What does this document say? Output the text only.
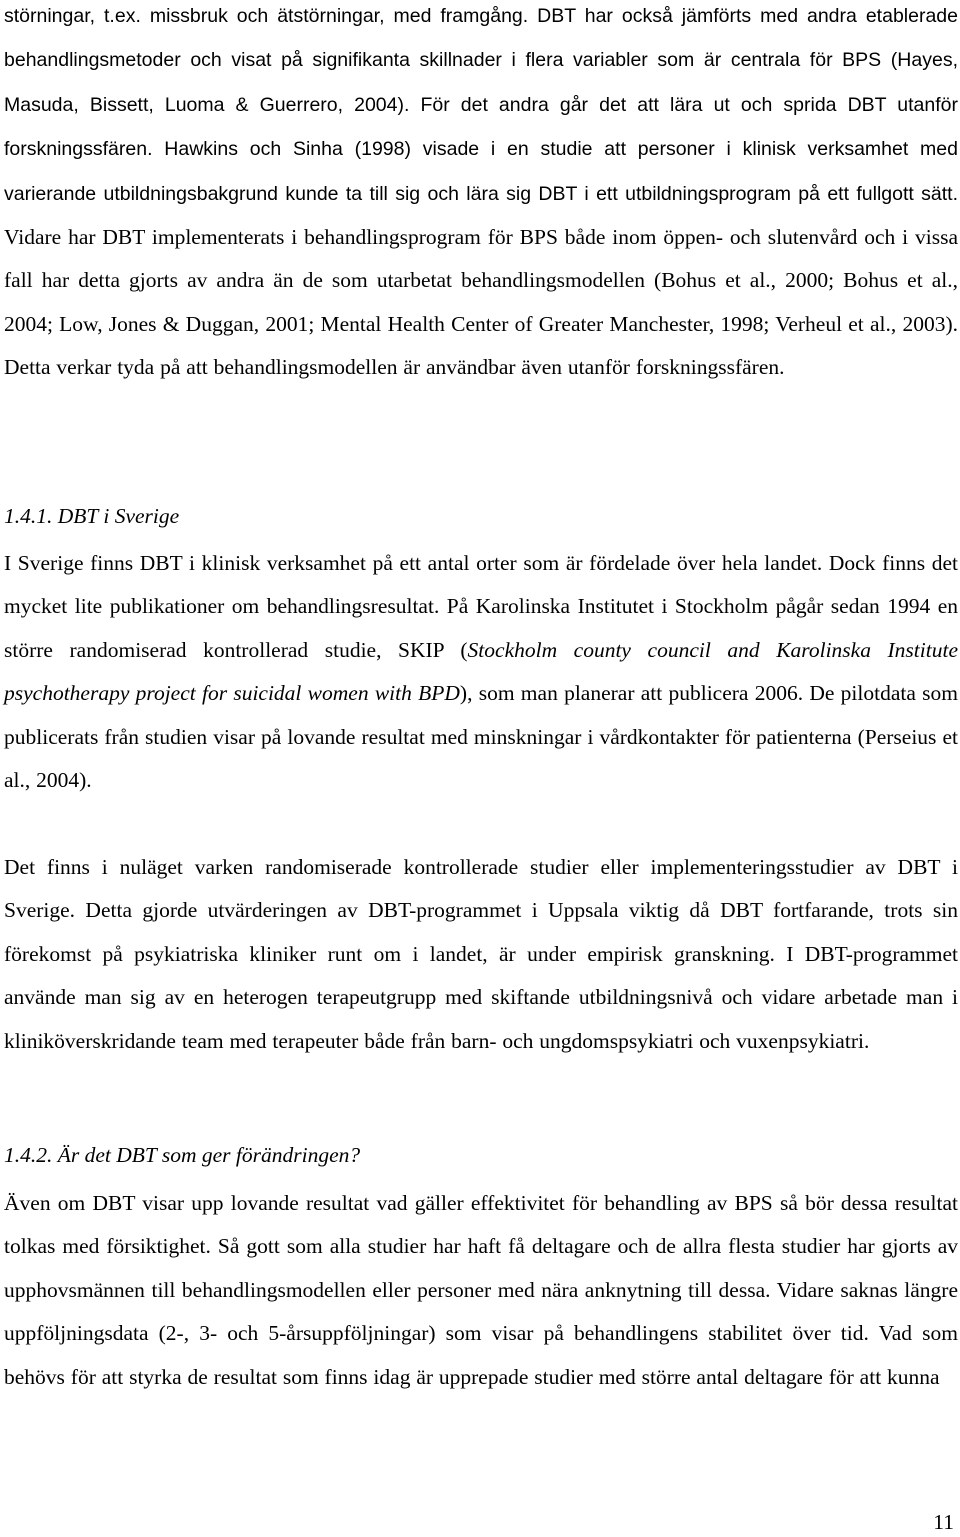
störningar, t.ex. missbruk och ätstörningar, med framgång. DBT har också jämförts med andra etablerade behandlingsmetoder och visat på signifikanta skillnader i flera variabler som är centrala för BPS (Hayes, Masuda, Bissett, Luoma & Guerrero, 2004). För det andra går det att lära ut och sprida DBT utanför forskningssfären. Hawkins och Sinha (1998) visade i en studie att personer i klinisk verksamhet med varierande utbildningsbakgrund kunde ta till sig och lära sig DBT i ett utbildningsprogram på ett fullgott sätt. Vidare har DBT implementerats i behandlingsprogram för BPS både inom öppen- och slutenvård och i vissa fall har detta gjorts av andra än de som utarbetat behandlingsmodellen (Bohus et al., 2000; Bohus et al., 2004; Low, Jones & Duggan, 2001; Mental Health Center of Greater Manchester, 1998; Verheul et al., 2003). Detta verkar tyda på att behandlingsmodellen är användbar även utanför forskningssfären.
1.4.1. DBT i Sverige
I Sverige finns DBT i klinisk verksamhet på ett antal orter som är fördelade över hela landet. Dock finns det mycket lite publikationer om behandlingsresultat. På Karolinska Institutet i Stockholm pågår sedan 1994 en större randomiserad kontrollerad studie, SKIP (Stockholm county council and Karolinska Institute psychotherapy project for suicidal women with BPD), som man planerar att publicera 2006. De pilotdata som publicerats från studien visar på lovande resultat med minskningar i vårdkontakter för patienterna (Perseius et al., 2004).
Det finns i nuläget varken randomiserade kontrollerade studier eller implementeringsstudier av DBT i Sverige. Detta gjorde utvärderingen av DBT-programmet i Uppsala viktig då DBT fortfarande, trots sin förekomst på psykiatriska kliniker runt om i landet, är under empirisk granskning. I DBT-programmet använde man sig av en heterogen terapeutgrupp med skiftande utbildningsnivå och vidare arbetade man i kliniköverskridande team med terapeuter både från barn- och ungdomspsykiatri och vuxenpsykiatri.
1.4.2. Är det DBT som ger förändringen?
Även om DBT visar upp lovande resultat vad gäller effektivitet för behandling av BPS så bör dessa resultat tolkas med försiktighet. Så gott som alla studier har haft få deltagare och de allra flesta studier har gjorts av upphovsmännen till behandlingsmodellen eller personer med nära anknytning till dessa. Vidare saknas längre uppföljningsdata (2-, 3- och 5-årsuppföljningar) som visar på behandlingens stabilitet över tid. Vad som behövs för att styrka de resultat som finns idag är upprepade studier med större antal deltagare för att kunna
11
